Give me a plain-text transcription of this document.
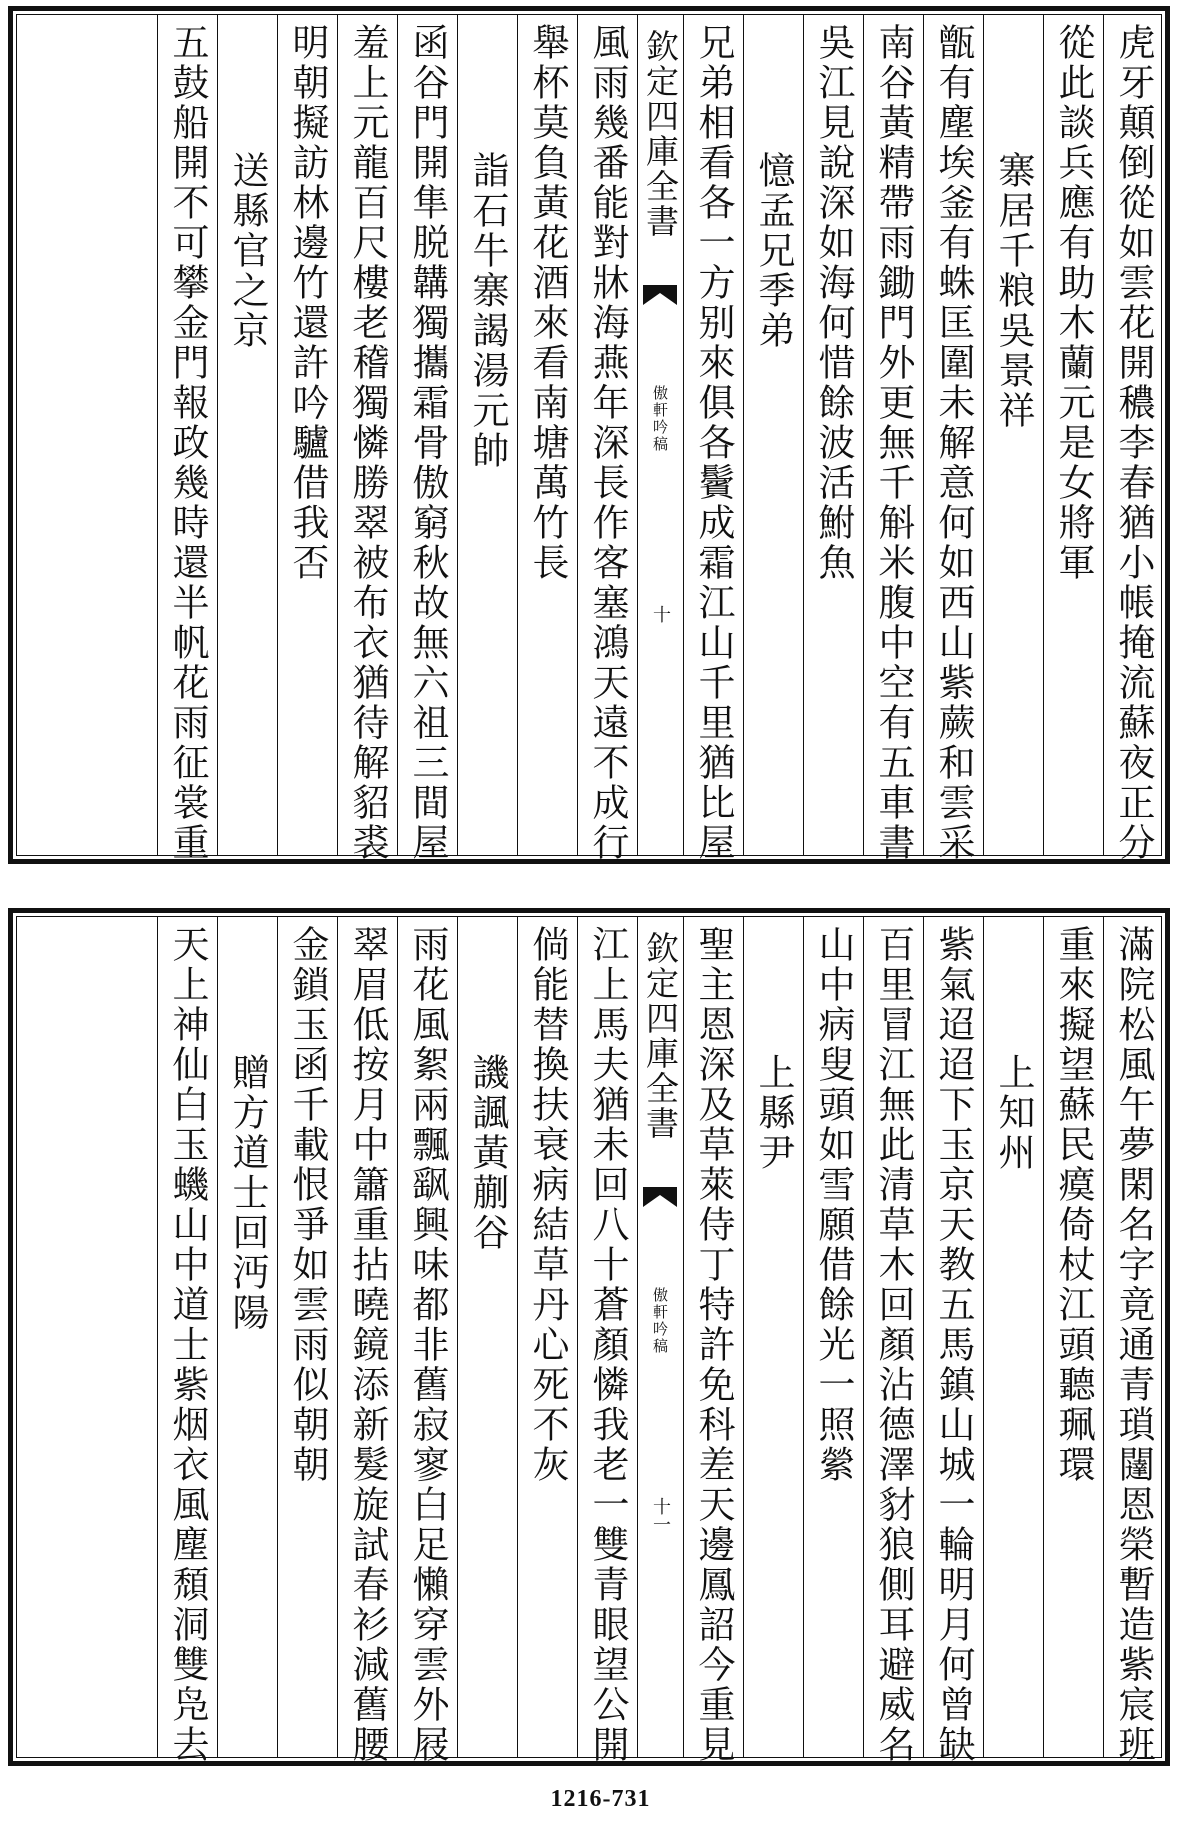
虎牙顛倒從如雲花開穠李春猶小帳掩流蘇夜正分
從此談兵應有助木蘭元是女將軍
寨居千粮吳景祥
甑有塵埃釜有蛛匡圍未解意何如西山紫蕨和雲采
南谷黃精帶雨鋤門外更無千斛米腹中空有五車書
吳江見說深如海何惜餘波活鮒魚
憶孟兄季弟
兄弟相看各一方别來俱各鬢成霜江山千里猶比屋
風雨幾番能對牀海燕年深長作客塞鴻天遠不成行
舉杯莫負黃花酒來看南塘萬竹長
詣石牛寨謁湯元帥
函谷門開隼脱韝獨攜霜骨傲窮秋故無六祖三間屋
羞上元龍百尺樓老稽獨憐勝翠被布衣猶待解貂裘
明朝擬訪林邊竹還許吟驢借我否
送縣官之京
五鼓船開不可攀金門報政幾時還半帆花雨征裳重	欽定四庫全書
傲軒吟稿
十
滿院松風午夢閑名字竟通青瑣闥恩榮暫造紫宸班
重來擬望蘇民瘼倚杖江頭聽珮環
上知州
紫氣迢迢下玉京天教五馬鎮山城一輪明月何曾缺
百里冒江無此清草木回顏沾德澤豺狼側耳避威名
山中病叟頭如雪願借餘光一照縈
上縣尹
聖主恩深及草萊侍丁特許免科差天邊鳳詔今重見
江上馬夫猶未回八十蒼顏憐我老一雙青眼望公開
倘能替換扶衰病結草丹心死不灰
譏諷黃蒯谷
雨花風絮兩飄飖興味都非舊寂寥白足懶穿雲外屐
翠眉低按月中簫重拈曉鏡添新髮旋試春衫減舊腰
金鎖玉函千載恨爭如雲雨似朝朝
贈方道士回沔陽
天上神仙白玉蟣山中道士紫烟衣風塵頹洞雙凫去	欽定四庫全書
傲軒吟稿
十一
1216-731
